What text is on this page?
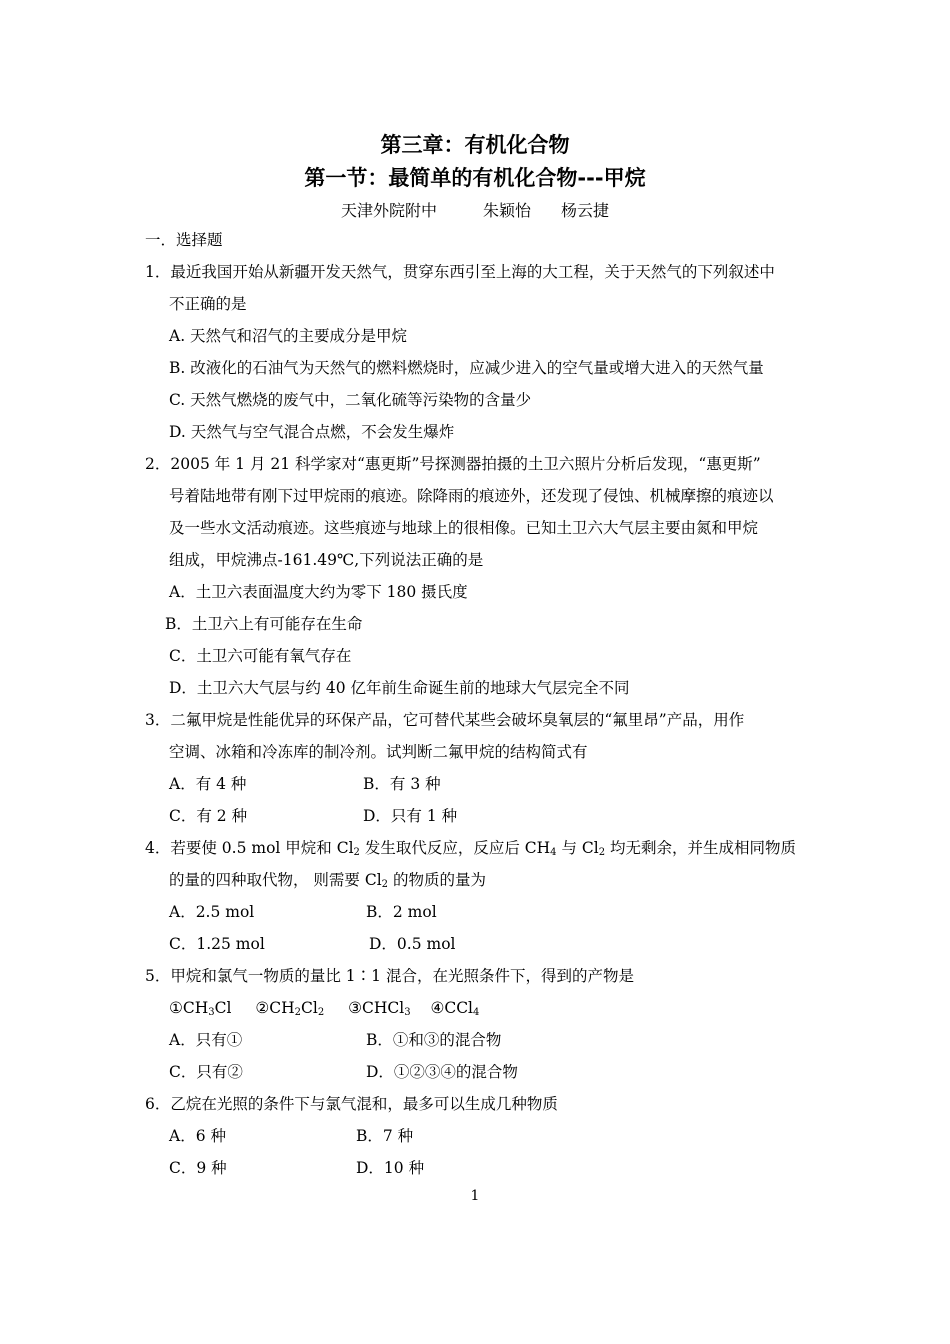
第三章：有机化合物
第一节：最简单的有机化合物---甲烷
天津外院附中	朱颖怡 杨云捷
一．选择题
1．最近我国开始从新疆开发天然气，贯穿东西引至上海的大工程，关于天然气的下列叙述中
不正确的是
A. 天然气和沼气的主要成分是甲烷
B. 改液化的石油气为天然气的燃料燃烧时，应减少进入的空气量或增大进入的天然气量
C. 天然气燃烧的废气中，二氧化硫等污染物的含量少
D. 天然气与空气混合点燃，不会发生爆炸
2．2005 年 1 月 21 科学家对“惠更斯”号探测器拍摄的土卫六照片分析后发现，“惠更斯”
号着陆地带有刚下过甲烷雨的痕迹。除降雨的痕迹外，还发现了侵蚀、机械摩擦的痕迹以
及一些水文活动痕迹。这些痕迹与地球上的很相像。已知土卫六大气层主要由氮和甲烷
组成，甲烷沸点-161.49℃,下列说法正确的是
A．土卫六表面温度大约为零下 180 摄氏度
B．土卫六上有可能存在生命
C．土卫六可能有氧气存在
D．土卫六大气层与约 40 亿年前生命诞生前的地球大气层完全不同
3．二氟甲烷是性能优异的环保产品，它可替代某些会破坏臭氧层的“氟里昂”产品，用作
空调、冰箱和冷冻库的制冷剂。试判断二氟甲烷的结构简式有
A．有 4 种	B．有 3 种
C．有 2 种	D．只有 1 种
4．若要使 0.5 mol 甲烷和 $Cl_2$ 发生取代反应，反应后 $CH_4$ 与 $Cl_2$ 均无剩余，并生成相同物质
的量的四种取代物， 则需要 $Cl_2$ 的物质的量为
A．2.5 mol	B．2 mol
C．1.25 mol	D．0.5 mol
5．甲烷和氯气一物质的量比 1∶1 混合，在光照条件下，得到的产物是
$①CH_3Cl$ $②CH_2Cl_2$ ③CHCl$_3$ ④CCl$_4$
A．只有①	B．①和③的混合物
C．只有②	D．①②③④的混合物
6．乙烷在光照的条件下与氯气混和，最多可以生成几种物质
A．6 种	B．7 种
C．9 种	D．10 种
1
